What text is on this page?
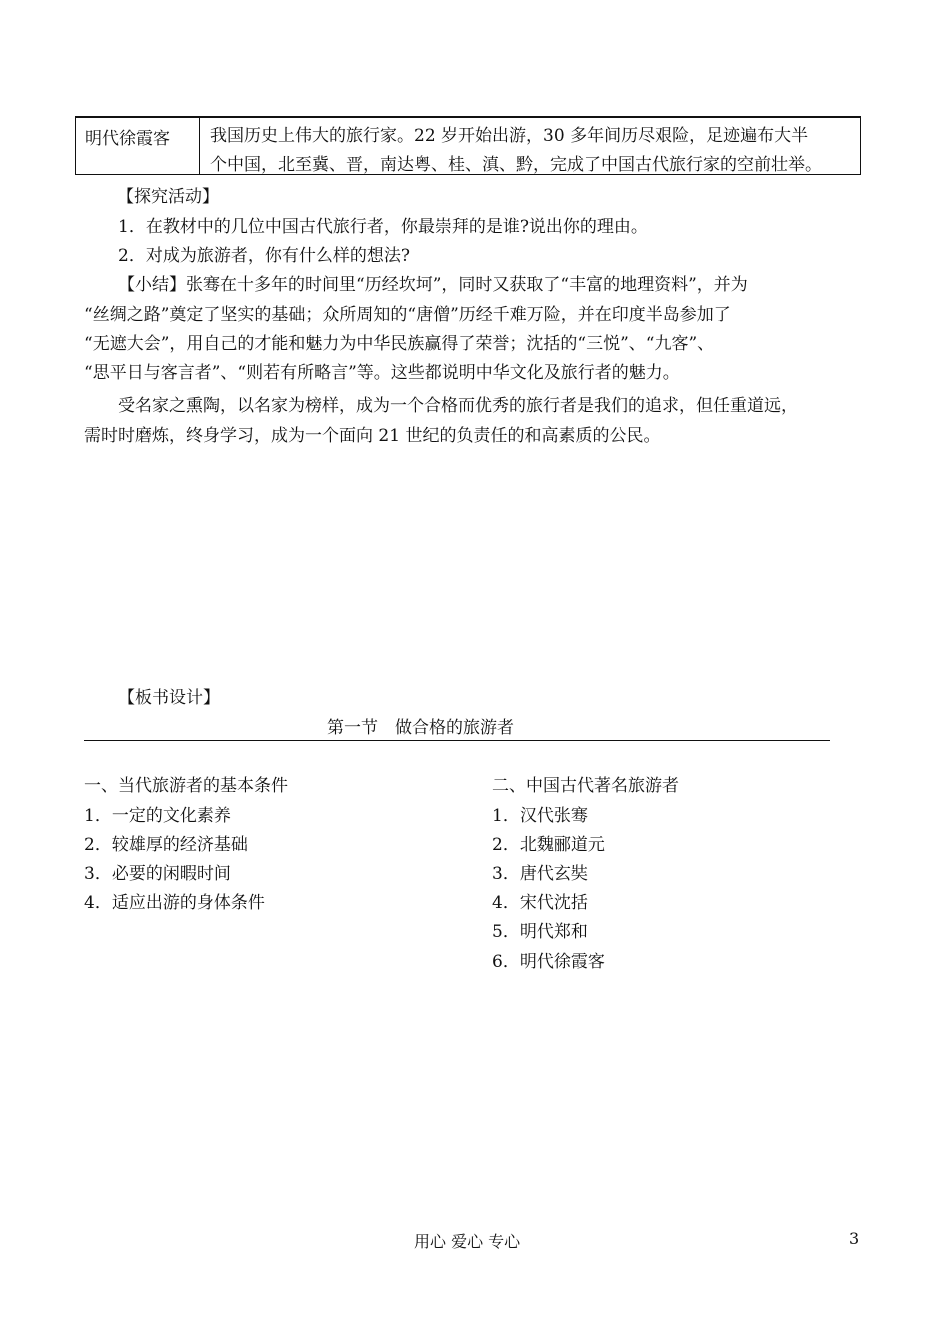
明代徐霞客 我国历史上伟大的旅行家。22 岁开始出游，30 多年间历尽艰险，足迹遍布大半
个中国，北至冀、晋，南达粤、桂、滇、黔，完成了中国古代旅行家的空前壮举。
【探究活动】
1．在教材中的几位中国古代旅行者，你最崇拜的是谁?说出你的理由。
2．对成为旅游者，你有什么样的想法?
【小结】张骞在十多年的时间里“历经坎坷”，同时又获取了“丰富的地理资料”，并为
“丝绸之路”奠定了坚实的基础；众所周知的“唐僧”历经千难万险，并在印度半岛参加了
“无遮大会”，用自己的才能和魅力为中华民族赢得了荣誉；沈括的“三悦”、“九客”、
“思平日与客言者”、“则若有所略言”等。这些都说明中华文化及旅行者的魅力。
受名家之熏陶，以名家为榜样，成为一个合格而优秀的旅行者是我们的追求，但任重道远，
需时时磨炼，终身学习，成为一个面向 21 世纪的负责任的和高素质的公民。
【板书设计】
第一节　做合格的旅游者
一、当代旅游者的基本条件
1．一定的文化素养
2．较雄厚的经济基础
3．必要的闲暇时间
4．适应出游的身体条件
二、中国古代著名旅游者
1．汉代张骞
2．北魏郦道元
3．唐代玄奘
4．宋代沈括
5．明代郑和
6．明代徐霞客
用心 爱心 专心	3
